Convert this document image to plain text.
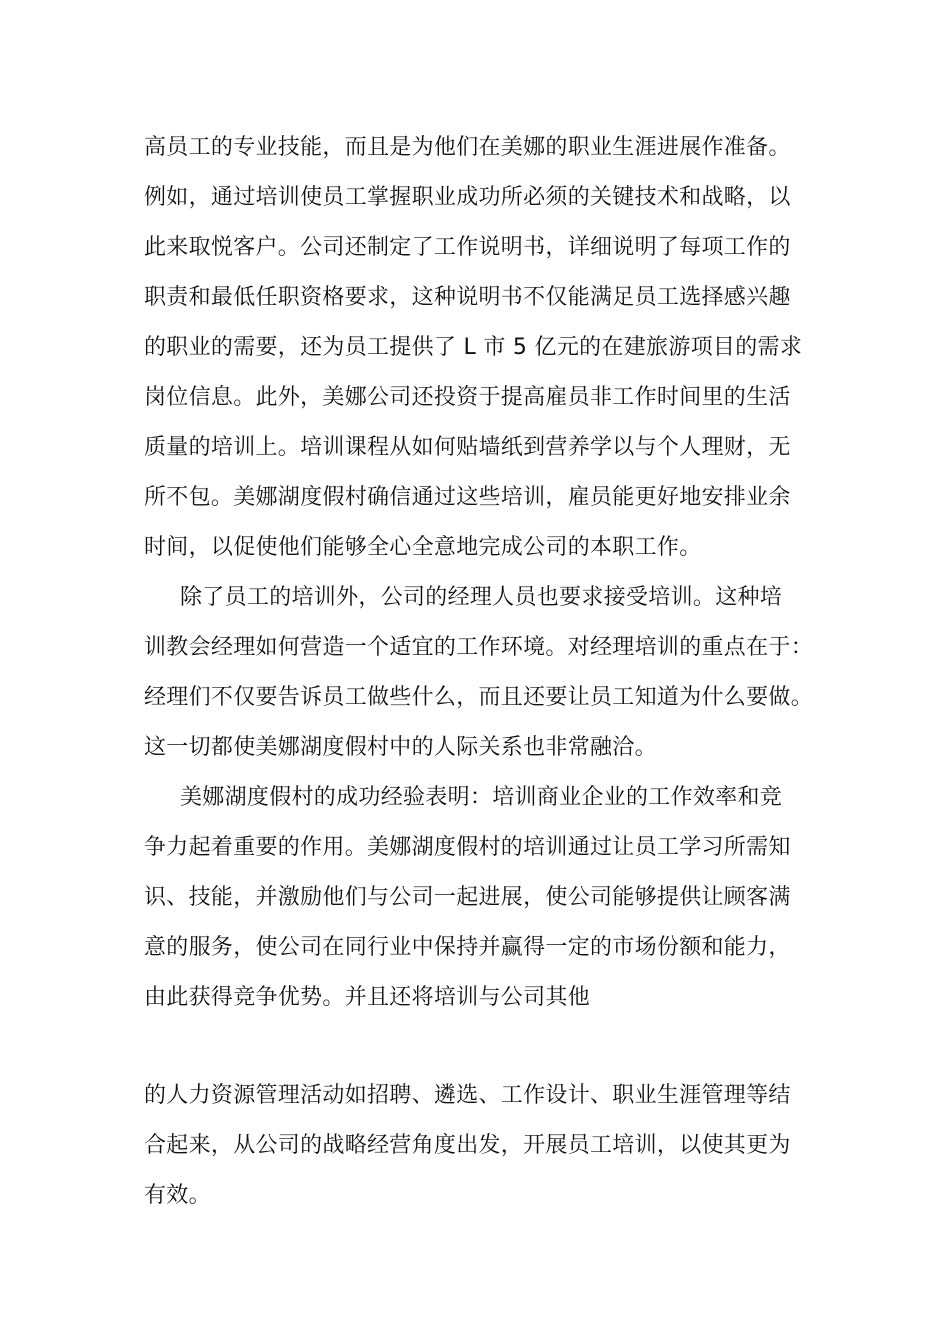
高员工的专业技能，而且是为他们在美娜的职业生涯进展作准备。
例如，通过培训使员工掌握职业成功所必须的关键技术和战略，以
此来取悦客户。公司还制定了工作说明书，详细说明了每项工作的
职责和最低任职资格要求，这种说明书不仅能满足员工选择感兴趣
的职业的需要，还为员工提供了 L 市 5 亿元的在建旅游项目的需求
岗位信息。此外，美娜公司还投资于提高雇员非工作时间里的生活
质量的培训上。培训课程从如何贴墙纸到营养学以与个人理财，无
所不包。美娜湖度假村确信通过这些培训，雇员能更好地安排业余
时间，以促使他们能够全心全意地完成公司的本职工作。
除了员工的培训外，公司的经理人员也要求接受培训。这种培
训教会经理如何营造一个适宜的工作环境。对经理培训的重点在于：
经理们不仅要告诉员工做些什么，而且还要让员工知道为什么要做。
这一切都使美娜湖度假村中的人际关系也非常融洽。
美娜湖度假村的成功经验表明：培训商业企业的工作效率和竞
争力起着重要的作用。美娜湖度假村的培训通过让员工学习所需知
识、技能，并激励他们与公司一起进展，使公司能够提供让顾客满
意的服务，使公司在同行业中保持并赢得一定的市场份额和能力，
由此获得竞争优势。并且还将培训与公司其他
的人力资源管理活动如招聘、遴选、工作设计、职业生涯管理等结
合起来，从公司的战略经营角度出发，开展员工培训，以使其更为
有效。
